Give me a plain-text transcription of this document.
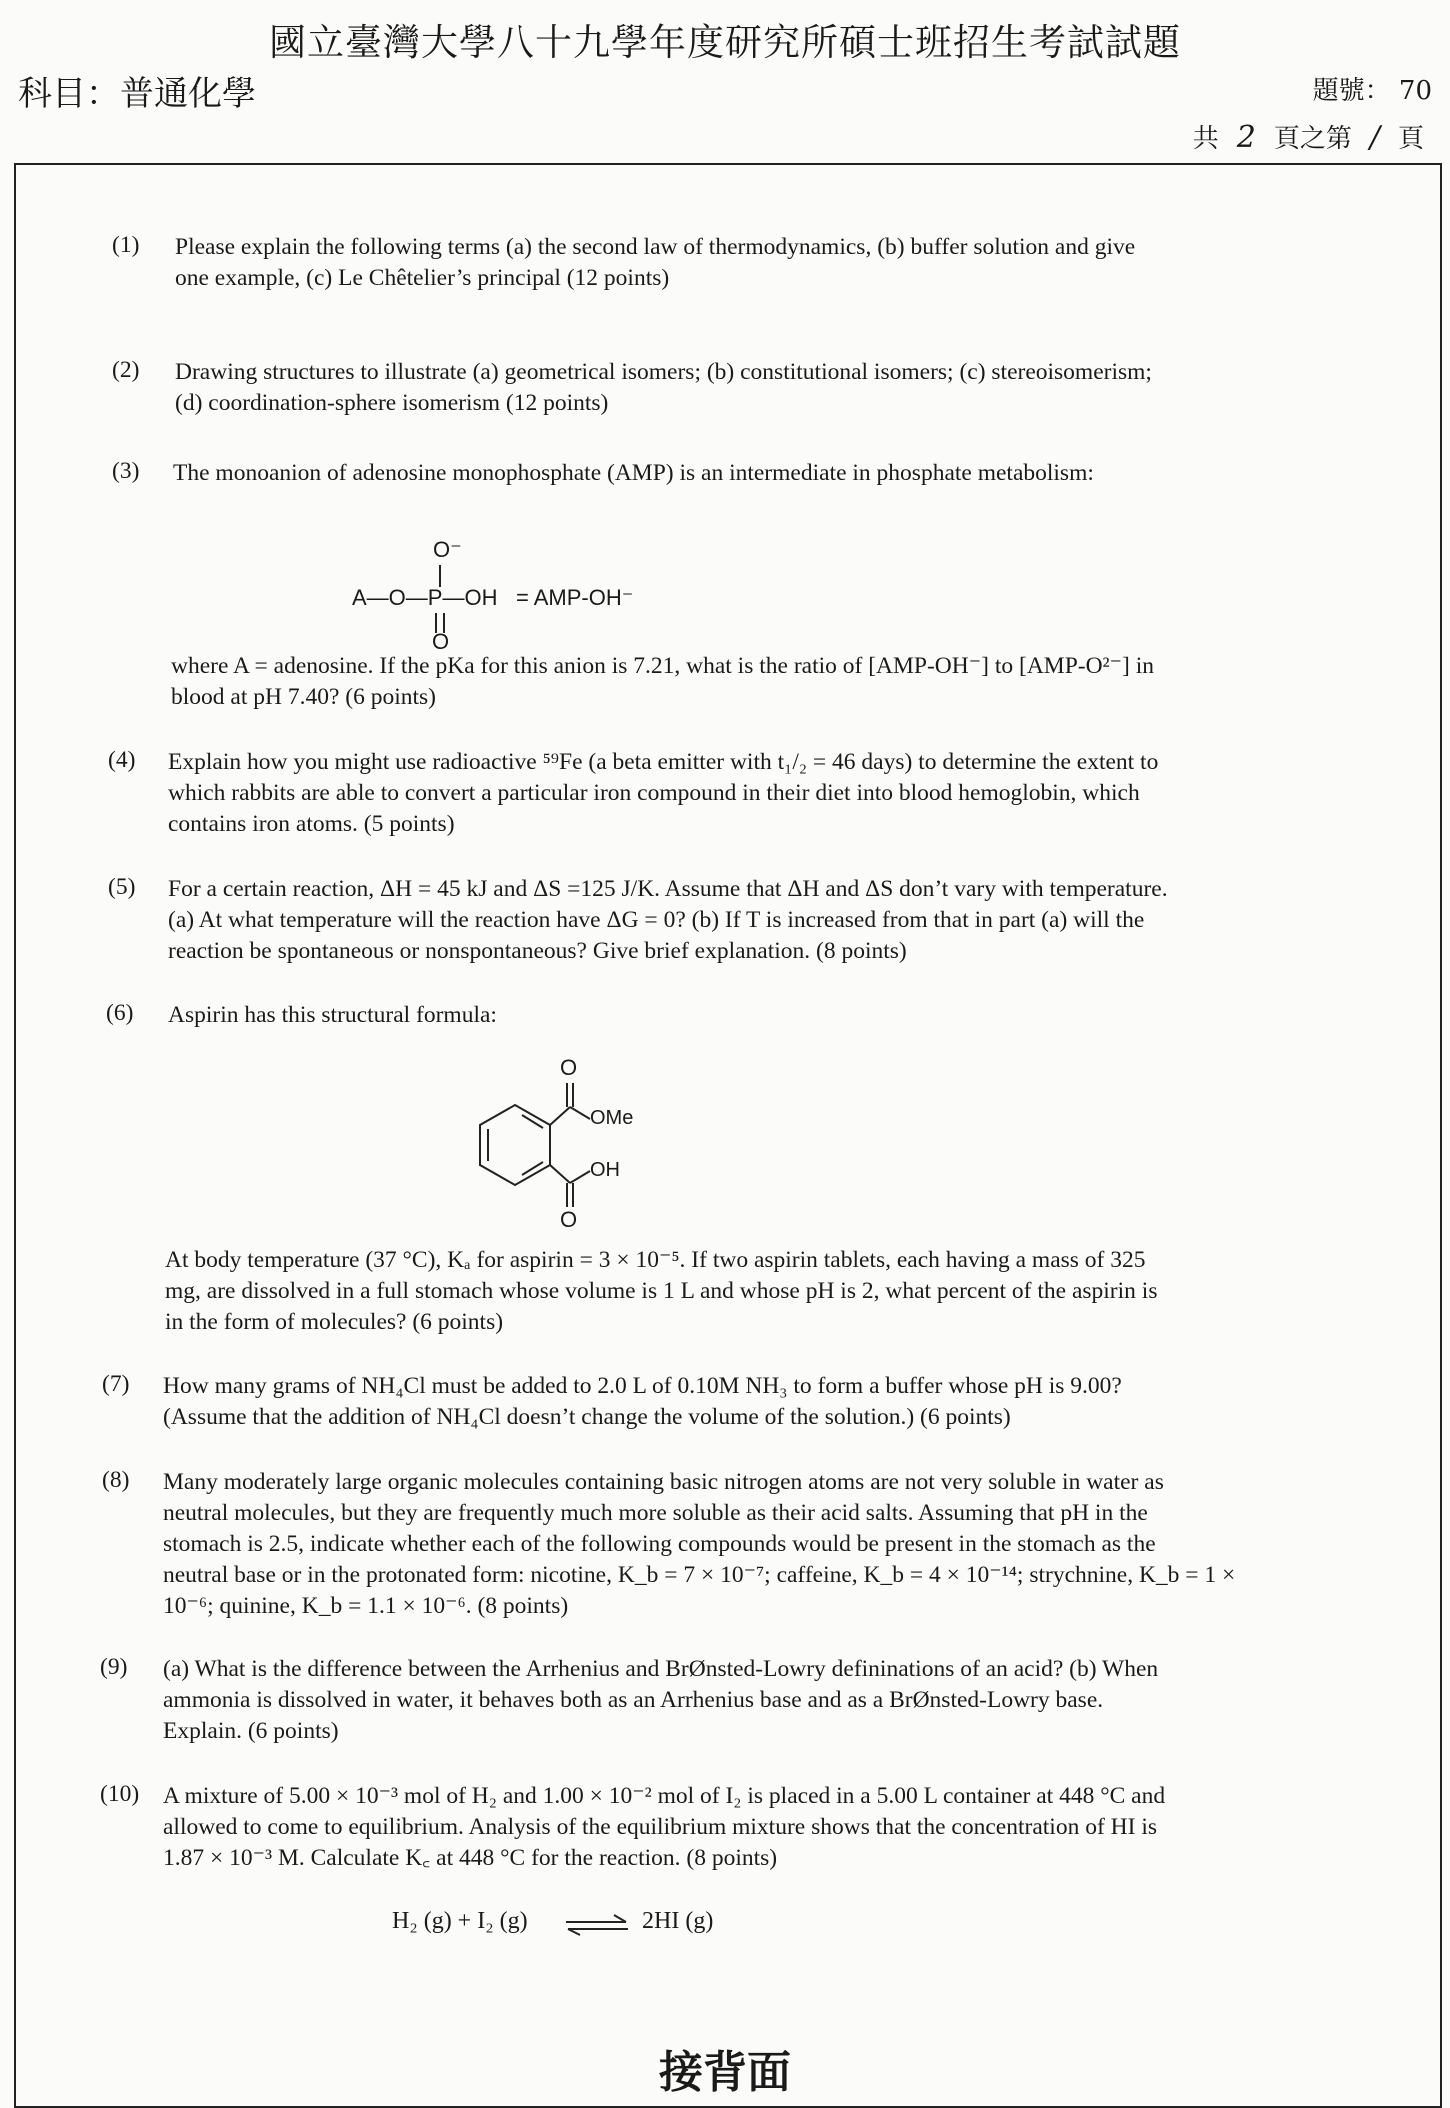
國立臺灣大學八十九學年度研究所碩士班招生考試試題
科目：普通化學	題號： 70
共 2 頁之第 / 頁
(1)	Please explain the following terms (a) the second law of thermodynamics, (b) buffer solution and give
one example, (c) Le Chêtelier’s principal (12 points)
(2)	Drawing structures to illustrate (a) geometrical isomers; (b) constitutional isomers; (c) stereoisomerism;
(d) coordination-sphere isomerism (12 points)
(3)	The monoanion of adenosine monophosphate (AMP) is an intermediate in phosphate metabolism:
O⁻
A—O—P—OH = AMP-OH⁻
O
where A = adenosine. If the pKa for this anion is 7.21, what is the ratio of [AMP-OH⁻] to [AMP-O²⁻] in
blood at pH 7.40? (6 points)
(4)	Explain how you might use radioactive ⁵⁹Fe (a beta emitter with t₁/₂ = 46 days) to determine the extent to
which rabbits are able to convert a particular iron compound in their diet into blood hemoglobin, which
contains iron atoms. (5 points)
(5)	For a certain reaction, ΔH = 45 kJ and ΔS =125 J/K. Assume that ΔH and ΔS don’t vary with temperature.
(a) At what temperature will the reaction have ΔG = 0? (b) If T is increased from that in part (a) will the
reaction be spontaneous or nonspontaneous? Give brief explanation. (8 points)
(6)	Aspirin has this structural formula:
O
OMe
OH
O
At body temperature (37 °C), Kₐ for aspirin = 3 × 10⁻⁵. If two aspirin tablets, each having a mass of 325
mg, are dissolved in a full stomach whose volume is 1 L and whose pH is 2, what percent of the aspirin is
in the form of molecules? (6 points)
(7)	How many grams of NH₄Cl must be added to 2.0 L of 0.10M NH₃ to form a buffer whose pH is 9.00?
(Assume that the addition of NH₄Cl doesn’t change the volume of the solution.) (6 points)
(8)	Many moderately large organic molecules containing basic nitrogen atoms are not very soluble in water as
neutral molecules, but they are frequently much more soluble as their acid salts. Assuming that pH in the
stomach is 2.5, indicate whether each of the following compounds would be present in the stomach as the
neutral base or in the protonated form: nicotine, K_b = 7 × 10⁻⁷; caffeine, K_b = 4 × 10⁻¹⁴; strychnine, K_b = 1 ×
10⁻⁶; quinine, K_b = 1.1 × 10⁻⁶. (8 points)
(9)	(a) What is the difference between the Arrhenius and BrØnsted-Lowry defininations of an acid? (b) When
ammonia is dissolved in water, it behaves both as an Arrhenius base and as a BrØnsted-Lowry base.
Explain. (6 points)
(10)	A mixture of 5.00 × 10⁻³ mol of H₂ and 1.00 × 10⁻² mol of I₂ is placed in a 5.00 L container at 448 °C and
allowed to come to equilibrium. Analysis of the equilibrium mixture shows that the concentration of HI is
1.87 × 10⁻³ M. Calculate K꜀ at 448 °C for the reaction. (8 points)
H₂ (g) + I₂ (g) ⇌ 2HI (g)
接背面
